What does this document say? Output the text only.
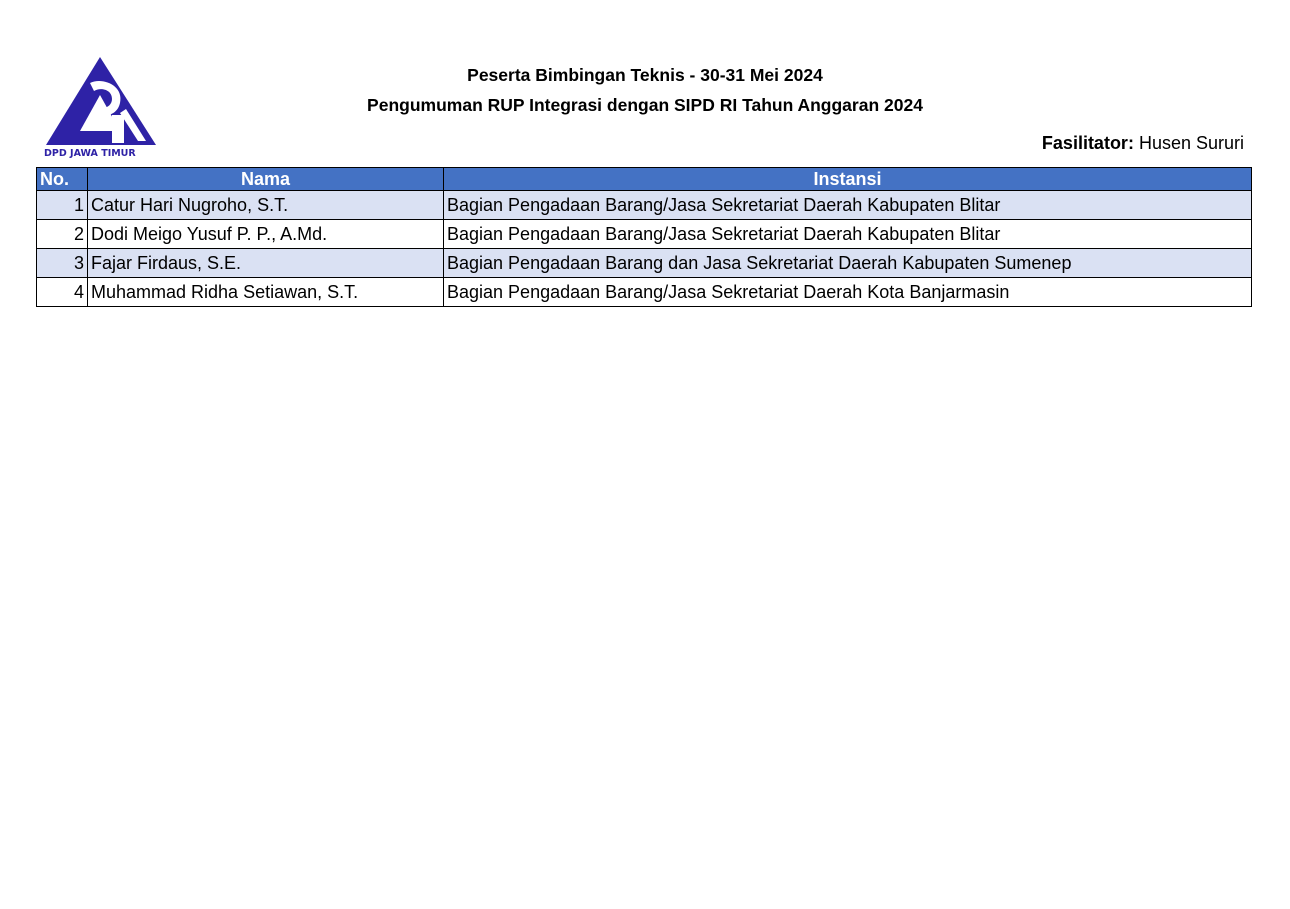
DPD JAWA TIMUR
Peserta Bimbingan Teknis - 30-31 Mei 2024
Pengumuman RUP Integrasi dengan SIPD RI Tahun Anggaran 2024
Fasilitator: Husen Sururi
No.	Nama	Instansi
1	Catur Hari Nugroho, S.T.	Bagian Pengadaan Barang/Jasa Sekretariat Daerah Kabupaten Blitar
2	Dodi Meigo Yusuf P. P., A.Md.	Bagian Pengadaan Barang/Jasa Sekretariat Daerah Kabupaten Blitar
3	Fajar Firdaus, S.E.	Bagian Pengadaan Barang dan Jasa Sekretariat Daerah Kabupaten Sumenep
4	Muhammad Ridha Setiawan, S.T.	Bagian Pengadaan Barang/Jasa Sekretariat Daerah Kota Banjarmasin
